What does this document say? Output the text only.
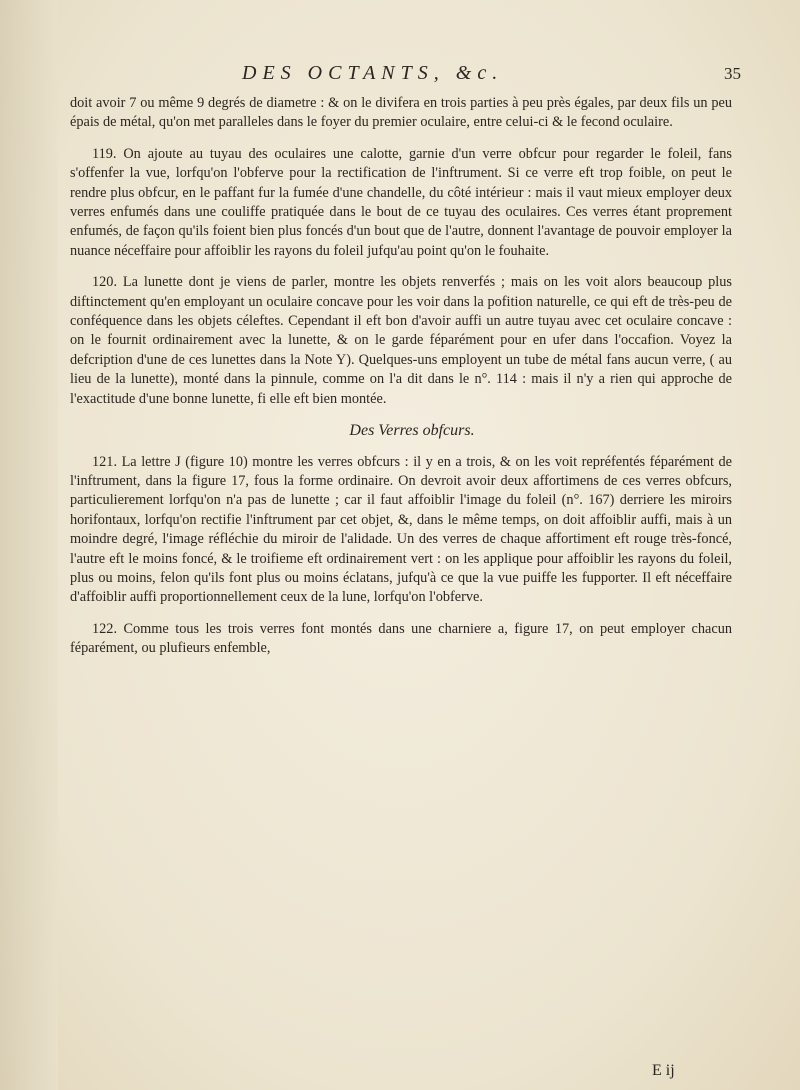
DES OCTANTS, &c.	35

doit avoir 7 ou même 9 degrés de diametre : & on le divifera en trois parties à peu près égales, par deux fils un peu épais de métal, qu'on met paralleles dans le foyer du premier oculaire, entre celui-ci & le fecond oculaire.

119. On ajoute au tuyau des oculaires une calotte, garnie d'un verre obfcur pour regarder le foleil, fans s'offenfer la vue, lorfqu'on l'obferve pour la rectification de l'inftrument. Si ce verre eft trop foible, on peut le rendre plus obfcur, en le paffant fur la fumée d'une chandelle, du côté intérieur : mais il vaut mieux employer deux verres enfumés dans une couliffe pratiquée dans le bout de ce tuyau des oculaires. Ces verres étant proprement enfumés, de façon qu'ils foient bien plus foncés d'un bout que de l'autre, donnent l'avantage de pouvoir employer la nuance néceffaire pour affoiblir les rayons du foleil jufqu'au point qu'on le fouhaite.

120. La lunette dont je viens de parler, montre les objets renverfés ; mais on les voit alors beaucoup plus diftinctement qu'en employant un oculaire concave pour les voir dans la pofition naturelle, ce qui eft de très-peu de conféquence dans les objets céleftes. Cependant il eft bon d'avoir auffi un autre tuyau avec cet oculaire concave : on le fournit ordinairement avec la lunette, & on le garde féparément pour en ufer dans l'occafion. Voyez la defcription d'une de ces lunettes dans la Note Y). Quelques-uns employent un tube de métal fans aucun verre, ( au lieu de la lunette), monté dans la pinnule, comme on l'a dit dans le n°. 114 : mais il n'y a rien qui approche de l'exactitude d'une bonne lunette, fi elle eft bien montée.

Des Verres obfcurs.

121. La lettre J (figure 10) montre les verres obfcurs : il y en a trois, & on les voit repréfentés féparément de l'inftrument, dans la figure 17, fous la forme ordinaire. On devroit avoir deux affortimens de ces verres obfcurs, particulierement lorfqu'on n'a pas de lunette ; car il faut affoiblir l'image du foleil (n°. 167) derriere les miroirs horifontaux, lorfqu'on rectifie l'inftrument par cet objet, &, dans le même temps, on doit affoiblir auffi, mais à un moindre degré, l'image réfléchie du miroir de l'alidade. Un des verres de chaque affortiment eft rouge très-foncé, l'autre eft le moins foncé, & le troifieme eft ordinairement vert : on les applique pour affoiblir les rayons du foleil, plus ou moins, felon qu'ils font plus ou moins éclatans, jufqu'à ce que la vue puiffe les fupporter. Il eft néceffaire d'affoiblir auffi proportionnellement ceux de la lune, lorfqu'on l'obferve.

122. Comme tous les trois verres font montés dans une charniere a, figure 17, on peut employer chacun féparément, ou plufieurs enfemble,

E ij
